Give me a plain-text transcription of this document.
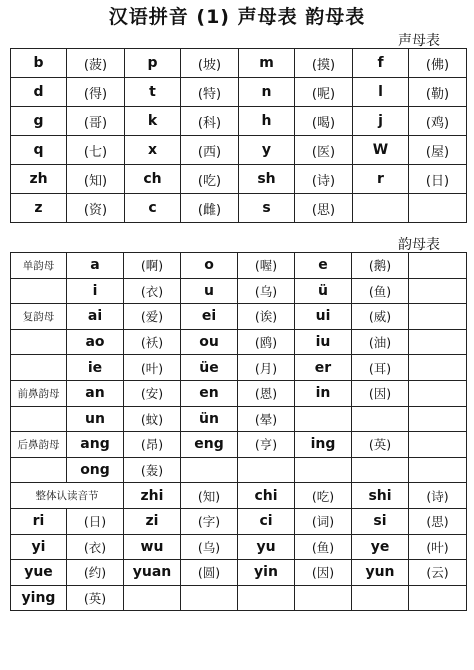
汉语拼音 (1) 声母表 韵母表
声母表
b	(菠)	p	(坡)	m	(摸)	f	(佛)
d	(得)	t	(特)	n	(呢)	l	(勒)
g	(哥)	k	(科)	h	(喝)	j	(鸡)
q	(七)	x	(西)	y	(医)	W	(屋)
zh	(知)	ch	(吃)	sh	(诗)	r	(日)
z	(资)	c	(雌)	s	(思)		
韵母表
单韵母	a	(啊)	o	(喔)	e	(鹅)	
	i	(衣)	u	(乌)	ü	(鱼)	
复韵母	ai	(爱)	ei	(诶)	ui	(威)	
	ao	(袄)	ou	(鸥)	iu	(油)	
	ie	(叶)	üe	(月)	er	(耳)	
前鼻韵母	an	(安)	en	(恩)	in	(因)	
	un	(蚊)	ün	(晕)			
后鼻韵母	ang	(昂)	eng	(亨)	ing	(英)	
	ong	(轰)					
整体认读音节		zhi	(知)	chi	(吃)	shi	(诗)
ri	(日)	zi	(字)	ci	(词)	si	(思)
yi	(衣)	wu	(乌)	yu	(鱼)	ye	(叶)
yue	(约)	yuan	(圆)	yin	(因)	yun	(云)
ying	(英)						
